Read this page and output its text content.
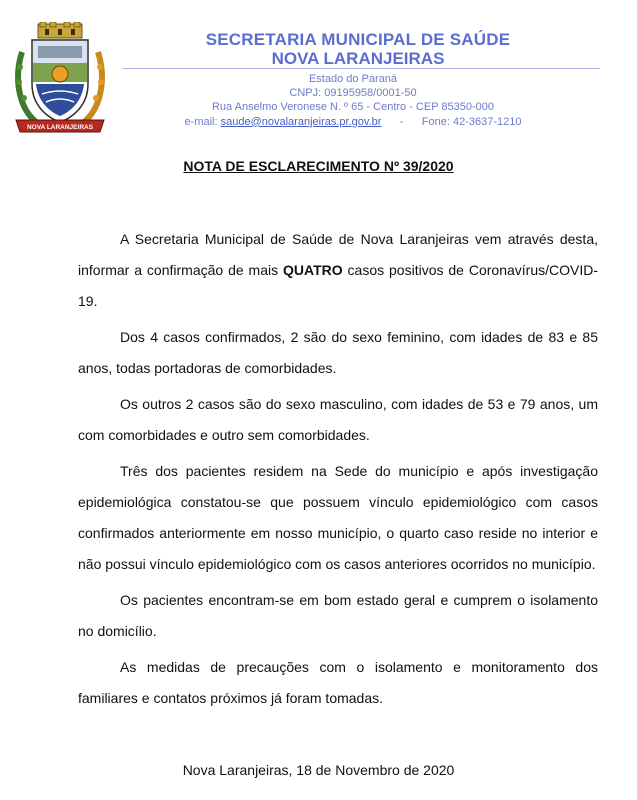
NOVA LARANJEIRAS
SECRETARIA MUNICIPAL DE SAÚDE
NOVA LARANJEIRAS
Estado do Paraná
CNPJ: 09195958/0001-50
Rua Anselmo Veronese N. º 65 - Centro - CEP 85350-000
e-mail: saude@novalaranjeiras.pr.gov.br - Fone: 42-3637-1210
NOTA DE ESCLARECIMENTO Nº 39/2020

A Secretaria Municipal de Saúde de Nova Laranjeiras vem através desta, informar a confirmação de mais QUATRO casos positivos de Coronavírus/COVID-19.

Dos 4 casos confirmados, 2 são do sexo feminino, com idades de 83 e 85 anos, todas portadoras de comorbidades.

Os outros 2 casos são do sexo masculino, com idades de 53 e 79 anos, um com comorbidades e outro sem comorbidades.

Três dos pacientes residem na Sede do município e após investigação epidemiológica constatou-se que possuem vínculo epidemiológico com casos confirmados anteriormente em nosso município, o quarto caso reside no interior e não possui vínculo epidemiológico com os casos anteriores ocorridos no município.

Os pacientes encontram-se em bom estado geral e cumprem o isolamento no domicílio.

As medidas de precauções com o isolamento e monitoramento dos familiares e contatos próximos já foram tomadas.

Nova Laranjeiras, 18 de Novembro de 2020
